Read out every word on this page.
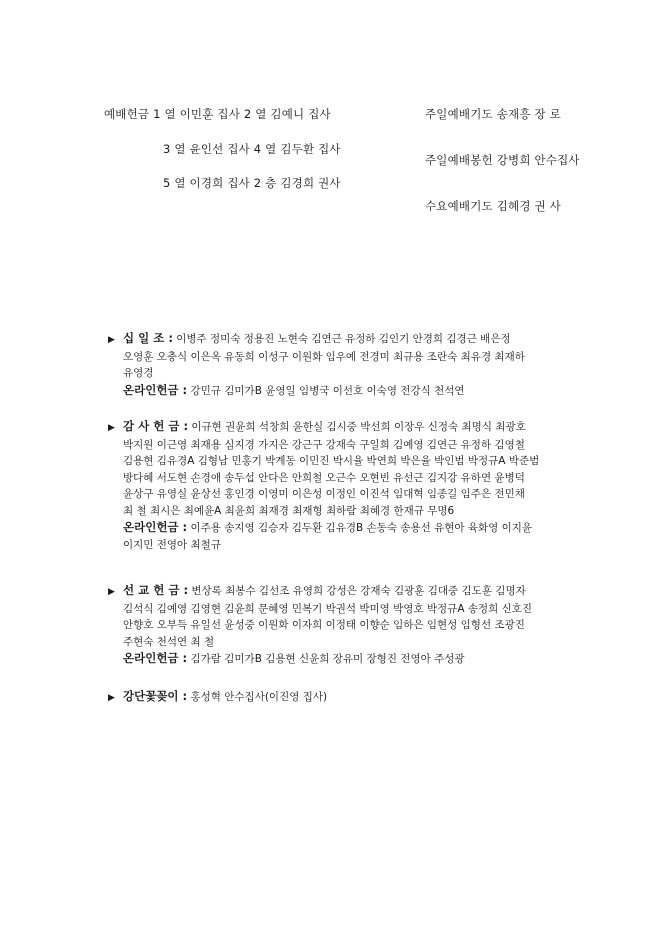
예배헌금 1 열 이민훈 집사 2 열 김예니 집사
3 열 윤인선 집사 4 열 김두환 집사
5 열 이경희 집사 2 층 김경희 권사
주일예배기도 송재흥 장 로
주일예배봉헌 강병희 안수집사
수요예배기도 김혜경 권 사
▶ 십 일 조 : 이병주 정미숙 정용진 노현숙 김연근 유정하 김인기 안경희 김경근 배은정
오영훈 오충식 이은옥 유동희 이성구 이원화 임우예 전경미 최규용 조란숙 최유경 최재하
유영경
온라인헌금 : 강민규 김미가B 윤영일 임병국 이선호 이숙영 전강식 천석연
▶ 감 사 헌 금 : 이규현 권윤희 석창희 윤한실 김시중 박선희 이장우 신정숙 최명식 최광호
박지원 이근영 최재용 심지경 가지은 강근구 강재숙 구일희 김예영 김연근 유정하 김영철
김용현 김유경A 김형남 민홍기 박계동 이민진 박시율 박연희 박은율 박인범 박정규A 박준범
방다혜 서도현 손경애 송두섭 안다은 안희철 오근수 오현빈 유선근 김지강 유하연 윤병덕
윤상구 유영실 윤상선 홍인경 이영미 이은성 이정인 이진석 임대혁 임종길 임주은 전민채
최 철 최시은 최예윤A 최윤희 최재경 최재형 최하람 최혜경 한재규 무명6
온라인헌금 : 이주용 송지영 김승자 김두환 김유경B 손동숙 송용선 유현아 육화영 이지윤
이지민 전영아 최철규
▶ 선 교 헌 금 : 변상록 최봉수 김선조 유영희 강성은 강재숙 김광훈 김대중 김도훈 김명자
김석식 김예영 김영현 김윤희 문혜영 민복기 박권석 박미영 박영호 박정규A 송정희 신호진
안향호 오부득 유일선 윤성중 이원화 이자희 이정태 이향순 임하은 임현성 임형선 조광진
주현숙 천석연 최 철
온라인헌금 : 김가람 김미가B 김용현 신윤희 장유미 장형진 전영아 주성광
▶ 강단꽃꽂이 : 홍성혁 안수집사(이진영 집사)
